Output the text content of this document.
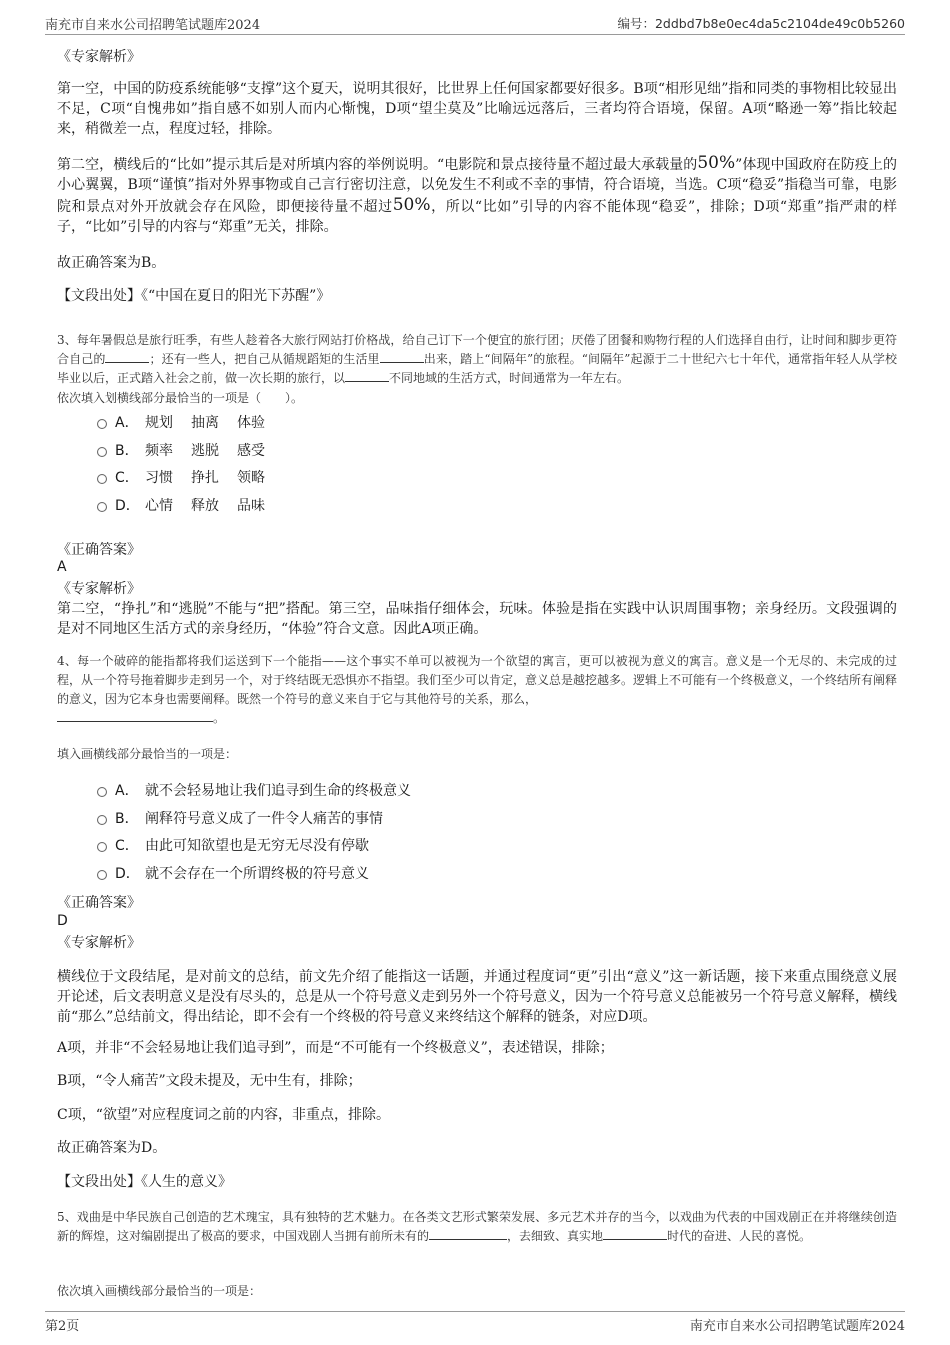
南充市自来水公司招聘笔试题库2024	编号：2ddbd7b8e0ec4da5c2104de49c0b5260

《专家解析》

第一空，中国的防疫系统能够“支撑”这个夏天，说明其很好，比世界上任何国家都要好很多。B项“相形见绌”指和同类的事物相比较显出不足，C项“自愧弗如”指自感不如别人而内心惭愧，D项“望尘莫及”比喻远远落后，三者均符合语境，保留。A项“略逊一筹”指比较起来，稍微差一点，程度过轻，排除。

第二空，横线后的“比如”提示其后是对所填内容的举例说明。“电影院和景点接待量不超过最大承载量的50%”体现中国政府在防疫上的小心翼翼，B项“谨慎”指对外界事物或自己言行密切注意，以免发生不利或不幸的事情，符合语境，当选。C项“稳妥”指稳当可靠，电影院和景点对外开放就会存在风险，即便接待量不超过50%，所以“比如”引导的内容不能体现“稳妥”，排除；D项“郑重”指严肃的样子，“比如”引导的内容与“郑重”无关，排除。

故正确答案为B。

【文段出处】《“中国在夏日的阳光下苏醒”》

3、每年暑假总是旅行旺季，有些人趁着各大旅行网站打价格战，给自己订下一个便宜的旅行团；厌倦了团餐和购物行程的人们选择自由行，让时间和脚步更符合自己的	；还有一些人，把自己从循规蹈矩的生活里	出来，踏上“间隔年”的旅程。“间隔年”起源于二十世纪六七十年代，通常指年轻人从学校毕业以后，正式踏入社会之前，做一次长期的旅行，以	不同地域的生活方式，时间通常为一年左右。

依次填入划横线部分最恰当的一项是（　　）。

A． 规划 抽离 体验
B． 频率 逃脱 感受
C． 习惯 挣扎 领略
D． 心情 释放 品味

《正确答案》

A

《专家解析》

第二空，“挣扎”和“逃脱”不能与“把”搭配。第三空，品味指仔细体会，玩味。体验是指在实践中认识周围事物；亲身经历。文段强调的是对不同地区生活方式的亲身经历，“体验”符合文意。因此A项正确。

4、每一个破碎的能指都将我们运送到下一个能指——这个事实不单可以被视为一个欲望的寓言，更可以被视为意义的寓言。意义是一个无尽的、未完成的过程，从一个符号拖着脚步走到另一个，对于终结既无恐惧亦不指望。我们至少可以肯定，意义总是越挖越多。逻辑上不可能有一个终极意义，一个终结所有阐释的意义，因为它本身也需要阐释。既然一个符号的意义来自于它与其他符号的关系，那么，
。

填入画横线部分最恰当的一项是：

A． 就不会轻易地让我们追寻到生命的终极意义
B． 阐释符号意义成了一件令人痛苦的事情
C． 由此可知欲望也是无穷无尽没有停歇
D． 就不会存在一个所谓终极的符号意义

《正确答案》

D

《专家解析》

横线位于文段结尾，是对前文的总结，前文先介绍了能指这一话题，并通过程度词“更”引出“意义”这一新话题，接下来重点围绕意义展开论述，后文表明意义是没有尽头的，总是从一个符号意义走到另外一个符号意义，因为一个符号意义总能被另一个符号意义解释，横线前“那么”总结前文，得出结论，即不会有一个终极的符号意义来终结这个解释的链条，对应D项。

A项，并非“不会轻易地让我们追寻到”，而是“不可能有一个终极意义”，表述错误，排除；

B项，“令人痛苦”文段未提及，无中生有，排除；

C项，“欲望”对应程度词之前的内容，非重点，排除。

故正确答案为D。

【文段出处】《人生的意义》

5、戏曲是中华民族自己创造的艺术瑰宝，具有独特的艺术魅力。在各类文艺形式繁荣发展、多元艺术并存的当今，以戏曲为代表的中国戏剧正在并将继续创造新的辉煌，这对编剧提出了极高的要求，中国戏剧人当拥有前所未有的	，去细致、真实地	时代的奋进、人民的喜悦。

依次填入画横线部分最恰当的一项是：

第2页	南充市自来水公司招聘笔试题库2024
